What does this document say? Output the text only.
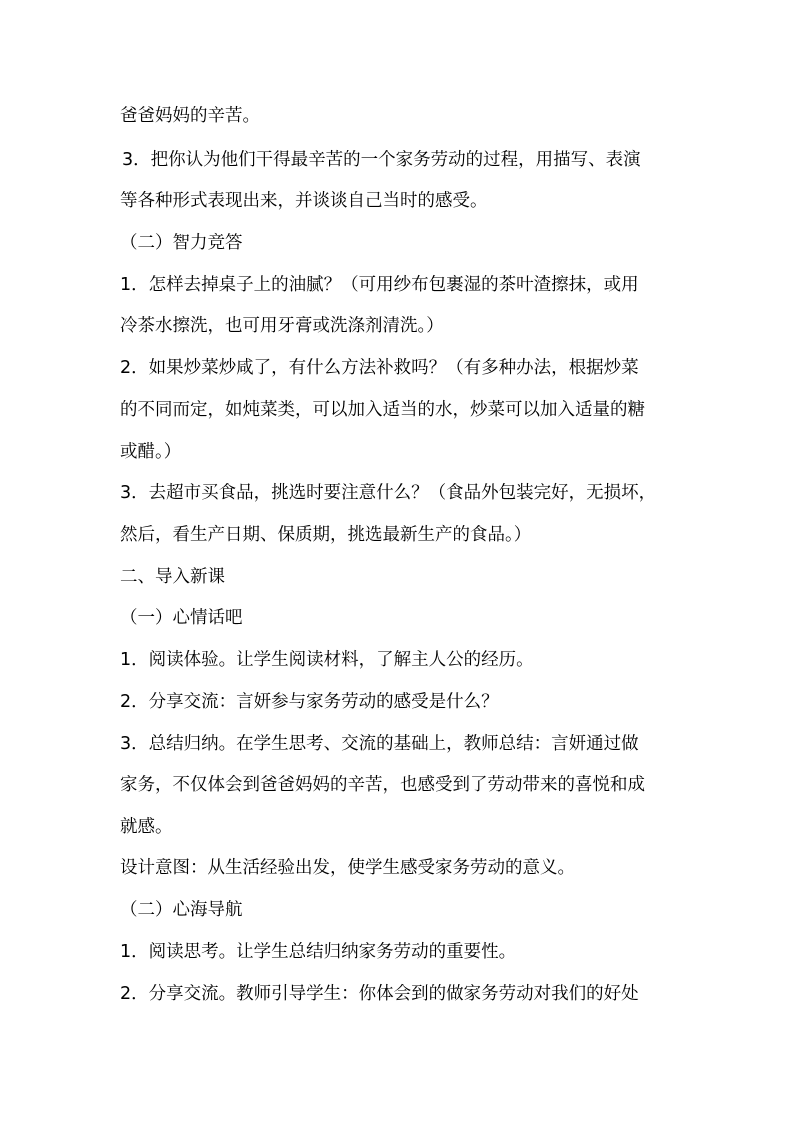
爸爸妈妈的辛苦。
3．把你认为他们干得最辛苦的一个家务劳动的过程，用描写、表演
等各种形式表现出来，并谈谈自己当时的感受。
（二）智力竞答
1．怎样去掉桌子上的油腻？（可用纱布包裹湿的茶叶渣擦抹，或用
冷茶水擦洗，也可用牙膏或洗涤剂清洗。）
2．如果炒菜炒咸了，有什么方法补救吗？（有多种办法，根据炒菜
的不同而定，如炖菜类，可以加入适当的水，炒菜可以加入适量的糖
或醋。）
3．去超市买食品，挑选时要注意什么？（食品外包装完好，无损坏，
然后，看生产日期、保质期，挑选最新生产的食品。）
二、导入新课
（一）心情话吧
1．阅读体验。让学生阅读材料，了解主人公的经历。
2．分享交流：言妍参与家务劳动的感受是什么？
3．总结归纳。在学生思考、交流的基础上，教师总结：言妍通过做
家务，不仅体会到爸爸妈妈的辛苦，也感受到了劳动带来的喜悦和成
就感。
设计意图：从生活经验出发，使学生感受家务劳动的意义。
（二）心海导航
1．阅读思考。让学生总结归纳家务劳动的重要性。
2．分享交流。教师引导学生：你体会到的做家务劳动对我们的好处
